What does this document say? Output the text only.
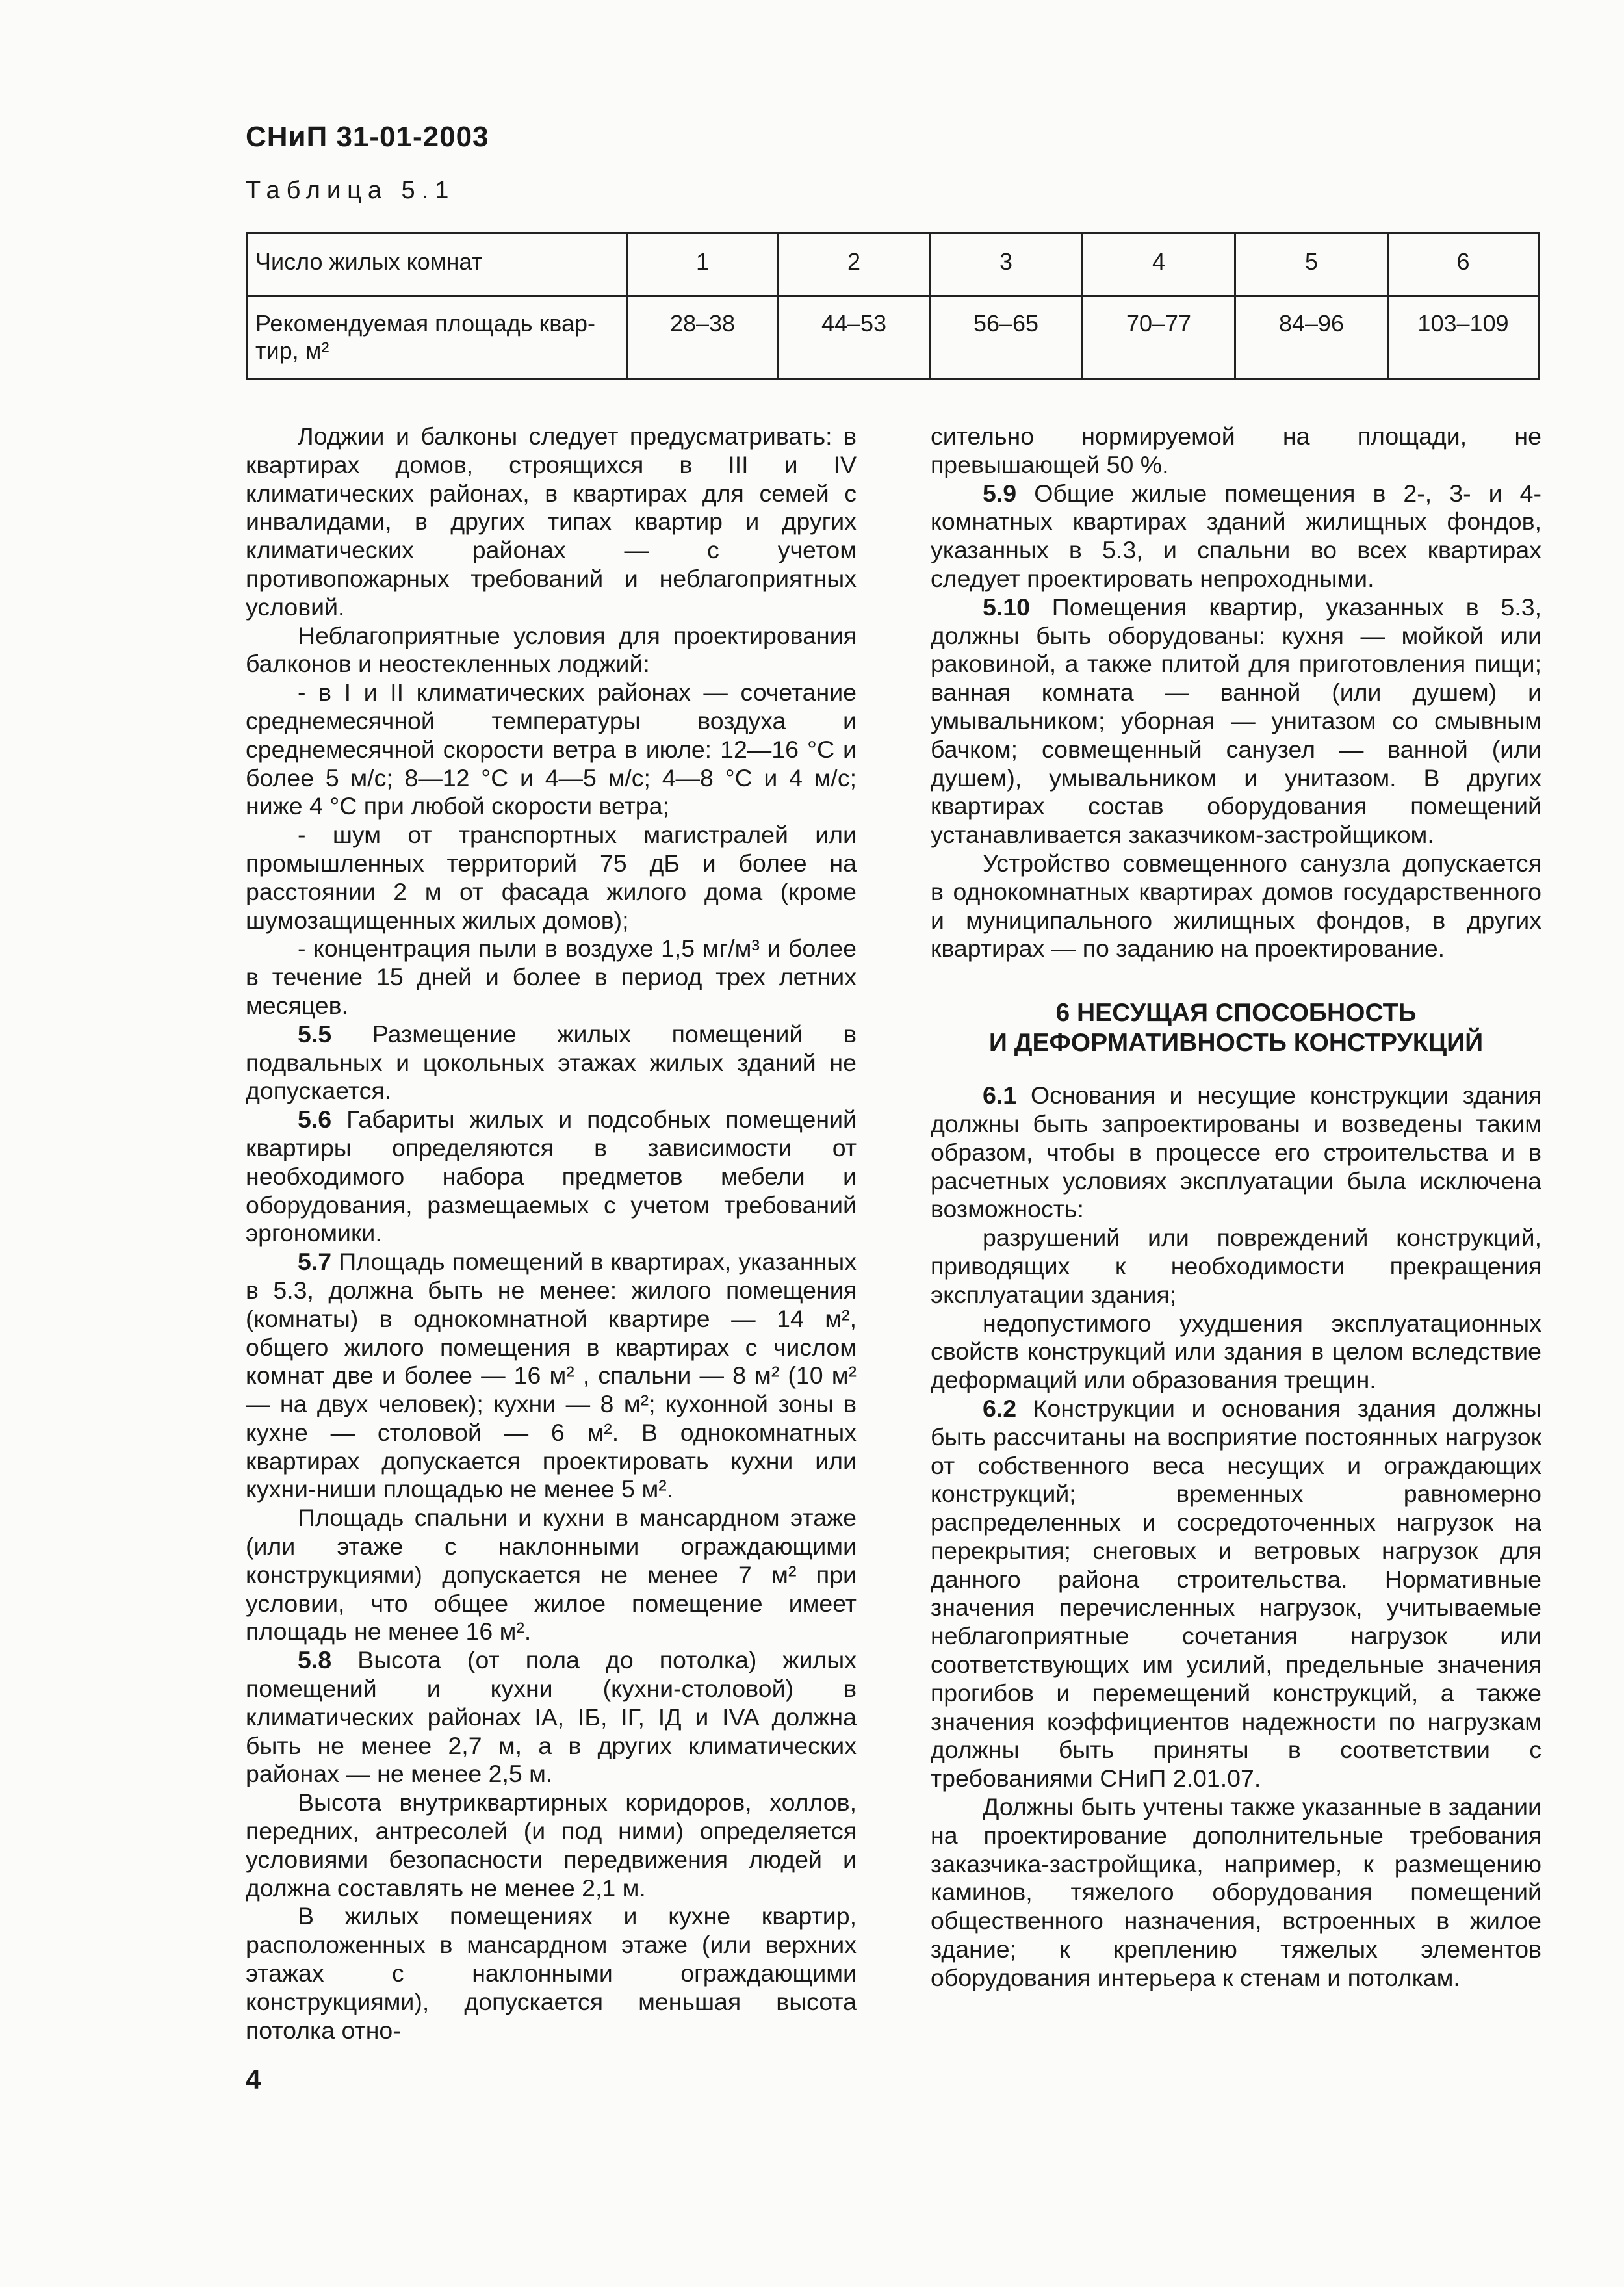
СНиП 31-01-2003
Таблица 5.1
Число жилых комнат	1	2	3	4	5	6
Рекомендуемая площадь квар-тир, м²	28–38	44–53	56–65	70–77	84–96	103–109

Лоджии и балконы следует предусматривать: в квартирах домов, строящихся в III и IV климатических районах, в квартирах для семей с инвалидами, в других типах квартир и других климатических районах — с учетом противопожарных требований и неблагоприятных условий.

Неблагоприятные условия для проектирования балконов и неостекленных лоджий:

- в I и II климатических районах — сочетание среднемесячной температуры воздуха и среднемесячной скорости ветра в июле: 12—16 °С и более 5 м/с; 8—12 °С и 4—5 м/с; 4—8 °С и 4 м/с; ниже 4 °С при любой скорости ветра;

- шум от транспортных магистралей или промышленных территорий 75 дБ и более на расстоянии 2 м от фасада жилого дома (кроме шумозащищенных жилых домов);

- концентрация пыли в воздухе 1,5 мг/м³ и более в течение 15 дней и более в период трех летних месяцев.

5.5 Размещение жилых помещений в подвальных и цокольных этажах жилых зданий не допускается.

5.6 Габариты жилых и подсобных помещений квартиры определяются в зависимости от необходимого набора предметов мебели и оборудования, размещаемых с учетом требований эргономики.

5.7 Площадь помещений в квартирах, указанных в 5.3, должна быть не менее: жилого помещения (комнаты) в однокомнатной квартире — 14 м², общего жилого помещения в квартирах с числом комнат две и более — 16 м² , спальни — 8 м² (10 м² — на двух человек); кухни — 8 м²; кухонной зоны в кухне — столовой — 6 м². В однокомнатных квартирах допускается проектировать кухни или кухни-ниши площадью не менее 5 м².

Площадь спальни и кухни в мансардном этаже (или этаже с наклонными ограждающими конструкциями) допускается не менее 7 м² при условии, что общее жилое помещение имеет площадь не менее 16 м².

5.8 Высота (от пола до потолка) жилых помещений и кухни (кухни-столовой) в климатических районах IA, IБ, IГ, IД и IVA должна быть не менее 2,7 м, а в других климатических районах — не менее 2,5 м.

Высота внутриквартирных коридоров, холлов, передних, антресолей (и под ними) определяется условиями безопасности передвижения людей и должна составлять не менее 2,1 м.

В жилых помещениях и кухне квартир, расположенных в мансардном этаже (или верхних этажах с наклонными ограждающими конструкциями), допускается меньшая высота потолка отно-

сительно нормируемой на площади, не превышающей 50 %.

5.9 Общие жилые помещения в 2-, 3- и 4-комнатных квартирах зданий жилищных фондов, указанных в 5.3, и спальни во всех квартирах следует проектировать непроходными.

5.10 Помещения квартир, указанных в 5.3, должны быть оборудованы: кухня — мойкой или раковиной, а также плитой для приготовления пищи; ванная комната — ванной (или душем) и умывальником; уборная — унитазом со смывным бачком; совмещенный санузел — ванной (или душем), умывальником и унитазом. В других квартирах состав оборудования помещений устанавливается заказчиком-застройщиком.

Устройство совмещенного санузла допускается в однокомнатных квартирах домов государственного и муниципального жилищных фондов, в других квартирах — по заданию на проектирование.

6 НЕСУЩАЯ СПОСОБНОСТЬ
И ДЕФОРМАТИВНОСТЬ КОНСТРУКЦИЙ

6.1 Основания и несущие конструкции здания должны быть запроектированы и возведены таким образом, чтобы в процессе его строительства и в расчетных условиях эксплуатации была исключена возможность:

разрушений или повреждений конструкций, приводящих к необходимости прекращения эксплуатации здания;

недопустимого ухудшения эксплуатационных свойств конструкций или здания в целом вследствие деформаций или образования трещин.

6.2 Конструкции и основания здания должны быть рассчитаны на восприятие постоянных нагрузок от собственного веса несущих и ограждающих конструкций; временных равномерно распределенных и сосредоточенных нагрузок на перекрытия; снеговых и ветровых нагрузок для данного района строительства. Нормативные значения перечисленных нагрузок, учитываемые неблагоприятные сочетания нагрузок или соответствующих им усилий, предельные значения прогибов и перемещений конструкций, а также значения коэффициентов надежности по нагрузкам должны быть приняты в соответствии с требованиями СНиП 2.01.07.

Должны быть учтены также указанные в задании на проектирование дополнительные требования заказчика-застройщика, например, к размещению каминов, тяжелого оборудования помещений общественного назначения, встроенных в жилое здание; к креплению тяжелых элементов оборудования интерьера к стенам и потолкам.

4
